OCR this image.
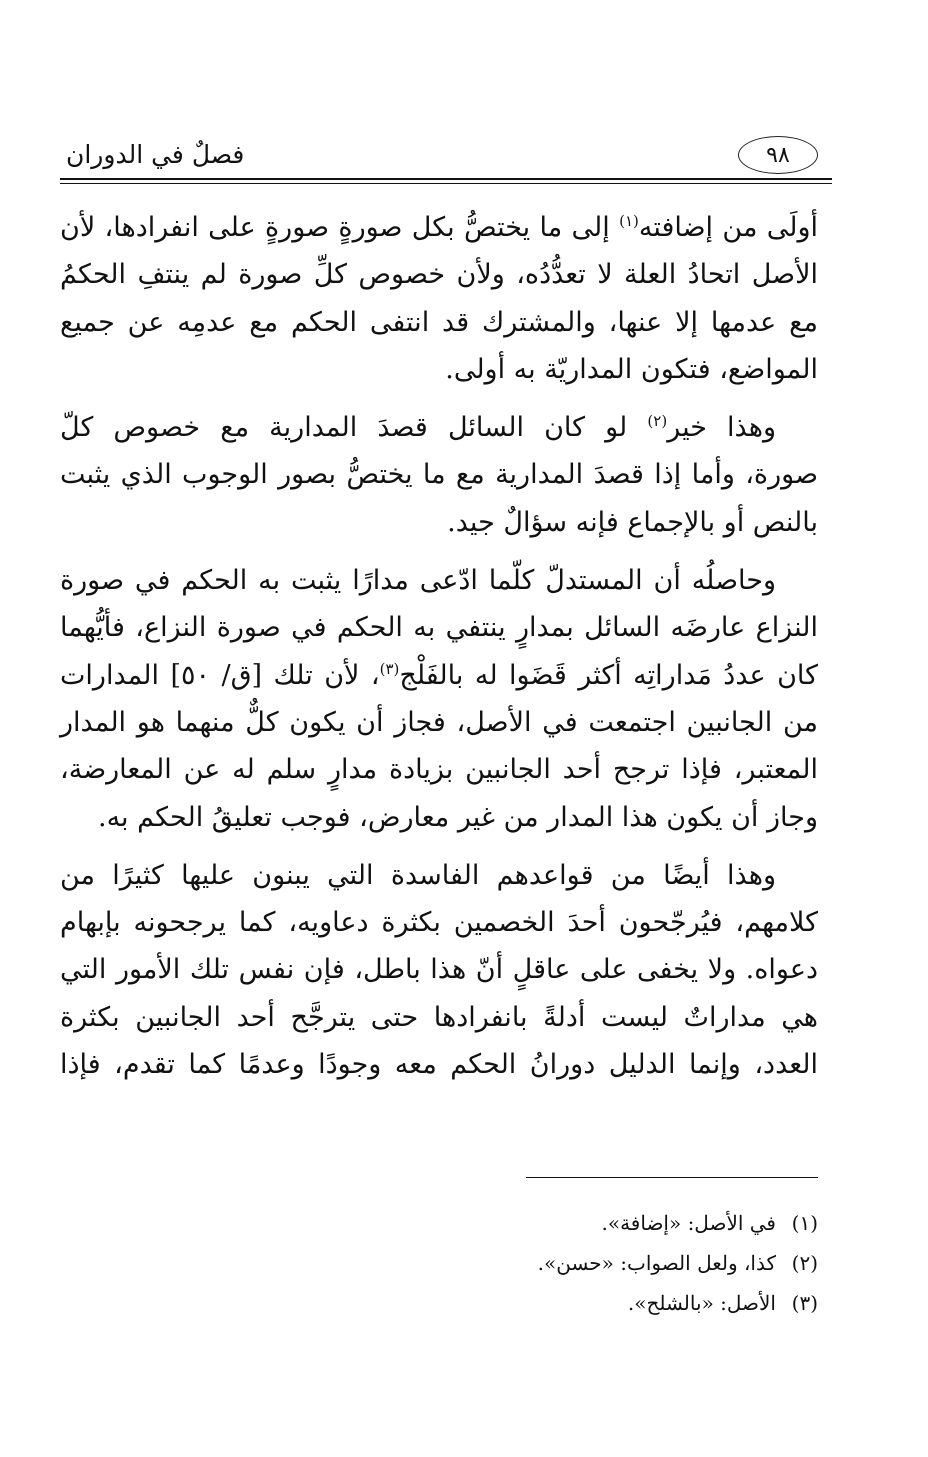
٩٨
فصلٌ في الدوران

أولَى من إضافته$^{(١)}$ إلى ما يختصُّ بكل صورةٍ صورةٍ على انفرادها، لأن
الأصل اتحادُ العلة لا تعدُّدُه، ولأن خصوص كلِّ صورة لم ينتفِ الحكمُ
مع عدمها إلا عنها، والمشترك قد انتفى الحكم مع عدمِه عن جميع
المواضع، فتكون المداريّة به أولى.

وهذا خير$^{(٢)}$ لو كان السائل قصدَ المدارية مع خصوص كلّ
صورة، وأما إذا قصدَ المدارية مع ما يختصُّ بصور الوجوب الذي يثبت
بالنص أو بالإجماع فإنه سؤالٌ جيد.

وحاصلُه أن المستدلّ كلّما ادّعى مدارًا يثبت به الحكم في صورة
النزاع عارضَه السائل بمدارٍ ينتفي به الحكم في صورة النزاع، فأيُّهما
كان عددُ مَداراتِه أكثر قَضَوا له بالفَلْج$^{(٣)}$، لأن تلك [ق/ ٥٠] المدارات
من الجانبين اجتمعت في الأصل، فجاز أن يكون كلٌّ منهما هو المدار
المعتبر، فإذا ترجح أحد الجانبين بزيادة مدارٍ سلم له عن المعارضة،
وجاز أن يكون هذا المدار من غير معارض، فوجب تعليقُ الحكم به.

وهذا أيضًا من قواعدهم الفاسدة التي يبنون عليها كثيرًا من
كلامهم، فيُرجّحون أحدَ الخصمين بكثرة دعاويه، كما يرجحونه بإبهام
دعواه. ولا يخفى على عاقلٍ أنّ هذا باطل، فإن نفس تلك الأمور التي
هي مداراتٌ ليست أدلةً بانفرادها حتى يترجَّح أحد الجانبين بكثرة
العدد، وإنما الدليل دورانُ الحكم معه وجودًا وعدمًا كما تقدم، فإذا

(١)في الأصل: «إضافة».
(٢)كذا، ولعل الصواب: «حسن».
(٣)الأصل: «بالشلح».
